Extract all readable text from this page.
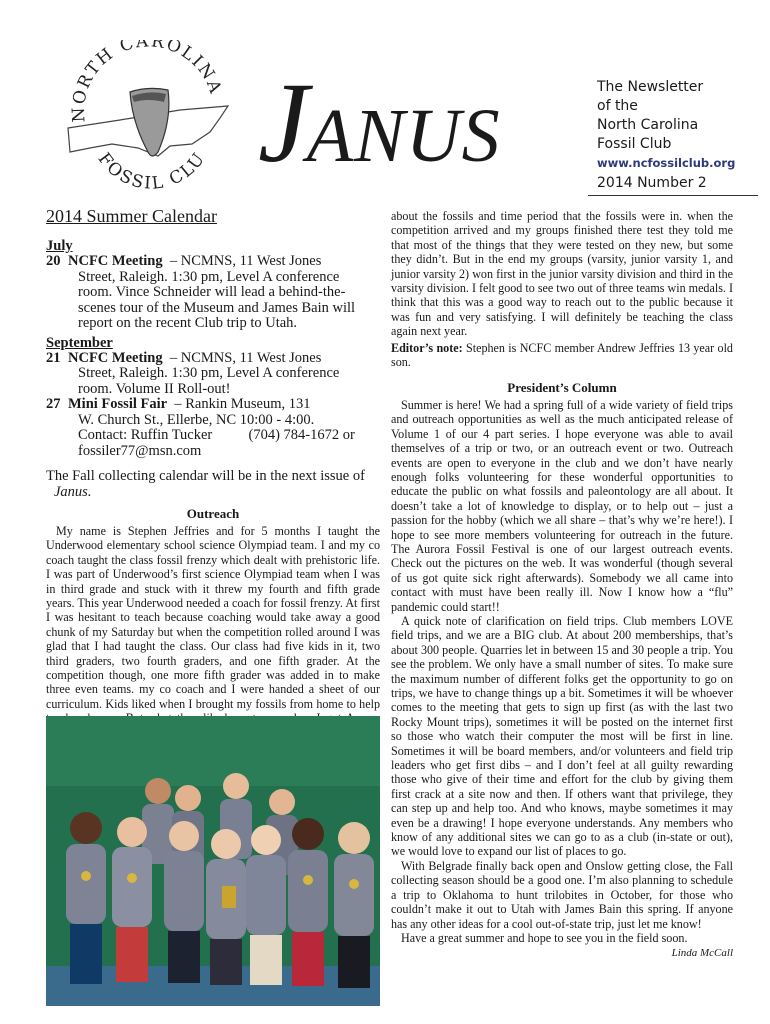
NORTH CAROLINA
FOSSIL CLU JANUS
The Newsletter
of the
North Carolina
Fossil Club
www.ncfossilclub.org
2014 Number 2
2014 Summer Calendar
July
20 NCFC Meeting – NCMNS, 11 West Jones
Street, Raleigh. 1:30 pm, Level A conference
room. Vince Schneider will lead a behind-the-
scenes tour of the Museum and James Bain will
report on the recent Club trip to Utah.
September
21 NCFC Meeting – NCMNS, 11 West Jones
Street, Raleigh. 1:30 pm, Level A conference
room. Volume II Roll-out!
27 Mini Fossil Fair – Rankin Museum, 131
W. Church St., Ellerbe, NC 10:00 - 4:00.
Contact: Ruffin Tucker          (704) 784-1672 or
fossiler77@msn.com
The Fall collecting calendar will be in the next issue of
Janus.
Outreach

My name is Stephen Jeffries and for 5 months I taught the Underwood elementary school science Olympiad team. I and my co coach taught the class fossil frenzy which dealt with prehistoric life. I was part of Underwood’s first science Olympiad team when I was in third grade and stuck with it threw my fourth and fifth grade years. This year Underwood needed a coach for fossil frenzy. At first I was hesitant to teach because coaching would take away a good chunk of my Saturday but when the competition rolled around I was glad that I had taught the class. Our class had five kids in it, two third graders, two fourth graders, and one fifth grader. At the competition though, one more fifth grader was added in to make three even teams. my co coach and I were handed a sheet of our curriculum. Kids liked when I brought my fossils from home to help

about the fossils and time period that the fossils were in. when the competition arrived and my groups finished there test they told me that most of the things that they were tested on they new, but some they didn’t. But in the end my groups (varsity, junior varsity 1, and junior varsity 2) won first in the junior varsity division and third in the varsity division. I felt good to see two out of three teams win medals. I think that this was a good way to reach out to the public because it was fun and very satisfying. I will definitely be teaching the class again next year.

Editor’s note: Stephen is NCFC member Andrew Jeffries 13 year old son.

President’s Column

Summer is here! We had a spring full of a wide variety of field trips and outreach opportunities as well as the much anticipated release of Volume 1 of our 4 part series. I hope everyone was able to avail themselves of a trip or two, or an outreach event or two. Outreach events are open to everyone in the club and we don’t have nearly enough folks volunteering for these wonderful opportunities to educate the public on what fossils and paleontology are all about. It doesn’t take a lot of knowledge to display, or to help out – just a passion for the hobby (which we all share – that’s why we’re here!). I hope to see more members volunteering for outreach in the future. The Aurora Fossil Festival is one of our largest outreach events. Check out the pictures on the web. It was wonderful (though several of us got quite sick right afterwards). Somebody we all came into contact with must have been really ill. Now I know how a “flu” pandemic could start!!

A quick note of clarification on field trips. Club members LOVE field trips, and we are a BIG club. At about 200 memberships, that’s about 300 people. Quarries let in between 15 and 30 people a trip. You see the problem. We only have a small number of sites. To make sure the maximum number of different folks get the opportunity to go on trips, we have to change things up a bit. Sometimes it will be whoever comes to the meeting that gets to sign up first (as with the last two Rocky Mount trips), sometimes it will be posted on the internet first so those who watch their computer the most will be first in line. Sometimes it will be board members, and/or volunteers and field trip leaders who get first dibs – and I don’t feel at all guilty rewarding those who give of their time and effort for the club by giving them first crack at a site now and then. If others want that privilege, they can step up and help too. And who knows, maybe sometimes it may even be a drawing! I hope everyone understands. Any members who know of any additional sites we can go to as a club (in-state or out), we would love to expand our list of places to go.

With Belgrade finally back open and Onslow getting close, the Fall collecting season should be a good one. I’m also planning to schedule a trip to Oklahoma to hunt trilobites in October, for those who couldn’t make it out to Utah with James Bain this spring. If anyone has any other ideas for a cool out-of-state trip, just let me know!

Have a great summer and hope to see you in the field soon.

Linda McCall
